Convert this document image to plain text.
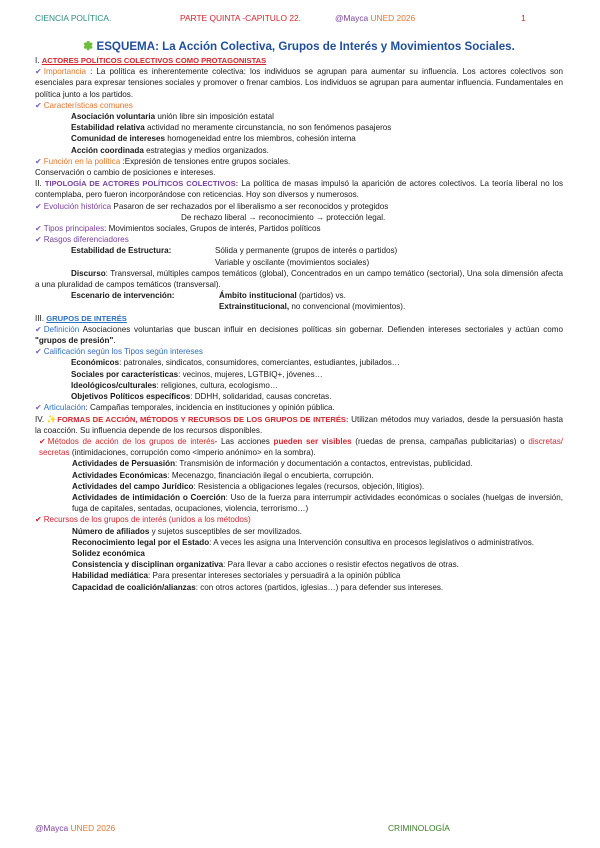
CIENCIA POLÍTICA.	PARTE QUINTA -CAPITULO 22.	@Mayca UNED 2026	1

✽ ESQUEMA: La Acción Colectiva, Grupos de Interés y Movimientos Sociales.

I. ACTORES POLÍTICOS COLECTIVOS COMO PROTAGONISTAS

✔ Importancia : La política es inherentemente colectiva: los individuos se agrupan para aumentar su influencia. Los actores colectivos son esenciales para expresar tensiones sociales y promover o frenar cambios. Los individuos se agrupan para aumentar influencia. Fundamentales en política junto a los partidos.

✔ Características comunes

Asociación voluntaria unión libre sin imposición estatal

Estabilidad relativa actividad no meramente circunstancia, no son fenómenos pasajeros

Comunidad de intereses homogeneidad entre los miembros, cohesión interna

Acción coordinada estrategias y medios organizados.

✔ Función en la política :Expresión de tensiones entre grupos sociales.

Conservación o cambio de posiciones e intereses.

II. TIPOLOGÍA DE ACTORES POLÍTICOS COLECTIVOS: La política de masas impulsó la aparición de actores colectivos. La teoría liberal no los contemplaba, pero fueron incorporándose con reticencias. Hoy son diversos y numerosos.

✔ Evolución histórica Pasaron de ser rechazados por el liberalismo a ser reconocidos y protegidos

De rechazo liberal → reconocimiento → protección legal.

✔ Tipos principales: Movimientos sociales, Grupos de interés, Partidos políticos

✔ Rasgos diferenciadores

Estabilidad de Estructura:	Sólida y permanente (grupos de interés o partidos)
Variable y oscilante (movimientos sociales)

Discurso: Transversal, múltiples campos temáticos (global), Concentrados en un campo temático (sectorial), Una sola dimensión afecta a una pluralidad de campos temáticos (transversal).

Escenario de intervención:	Ámbito institucional (partidos) vs.
Extrainstitucional, no convencional (movimientos).

III. GRUPOS DE INTERÉS

✔ Definición Asociaciones voluntarias que buscan influir en decisiones políticas sin gobernar. Defienden intereses sectoriales y actúan como "grupos de presión".

✔ Calificación según los Tipos según intereses

Económicos: patronales, sindicatos, consumidores, comerciantes, estudiantes, jubilados…

Sociales por características: vecinos, mujeres, LGTBIQ+, jóvenes…

Ideológicos/culturales: religiones, cultura, ecologismo…

Objetivos Políticos específicos: DDHH, solidaridad, causas concretas.

✔ Articulación: Campañas temporales, incidencia en instituciones y opinión pública.

IV. ✨FORMAS DE ACCIÓN, MÉTODOS Y RECURSOS DE LOS GRUPOS DE INTERÉS: Utilizan métodos muy variados, desde la persuasión hasta la coacción. Su influencia depende de los recursos disponibles.

✔ Métodos de acción de los grupos de interés- Las acciones pueden ser visibles (ruedas de prensa, campañas publicitarias) o discretas/ secretas (intimidaciones, corrupción como <imperio anónimo> en la sombra).

Actividades de Persuasión: Transmisión de información y documentación a contactos, entrevistas, publicidad.

Actividades Económicas: Mecenazgo, financiación ilegal o encubierta, corrupción.

Actividades del campo Jurídico: Resistencia a obligaciones legales (recursos, objeción, litigios).

Actividades de intimidación o Coerción: Uso de la fuerza para interrumpir actividades económicas o sociales (huelgas de inversión, fuga de capitales, sentadas, ocupaciones, violencia, terrorismo…)

✔ Recursos de los grupos de interés (unidos a los métodos)

Número de afiliados y sujetos susceptibles de ser movilizados.

Reconocimiento legal por el Estado: A veces les asigna una Intervención consultiva en procesos legislativos o administrativos.

Solidez económica

Consistencia y disciplinan organizativa: Para llevar a cabo acciones o resistir efectos negativos de otras.

Habilidad mediática: Para presentar intereses sectoriales y persuadirá a la opinión pública

Capacidad de coalición/alianzas: con otros actores (partidos, iglesias…) para defender sus intereses.

@Mayca UNED 2026	CRIMINOLOGÍA
